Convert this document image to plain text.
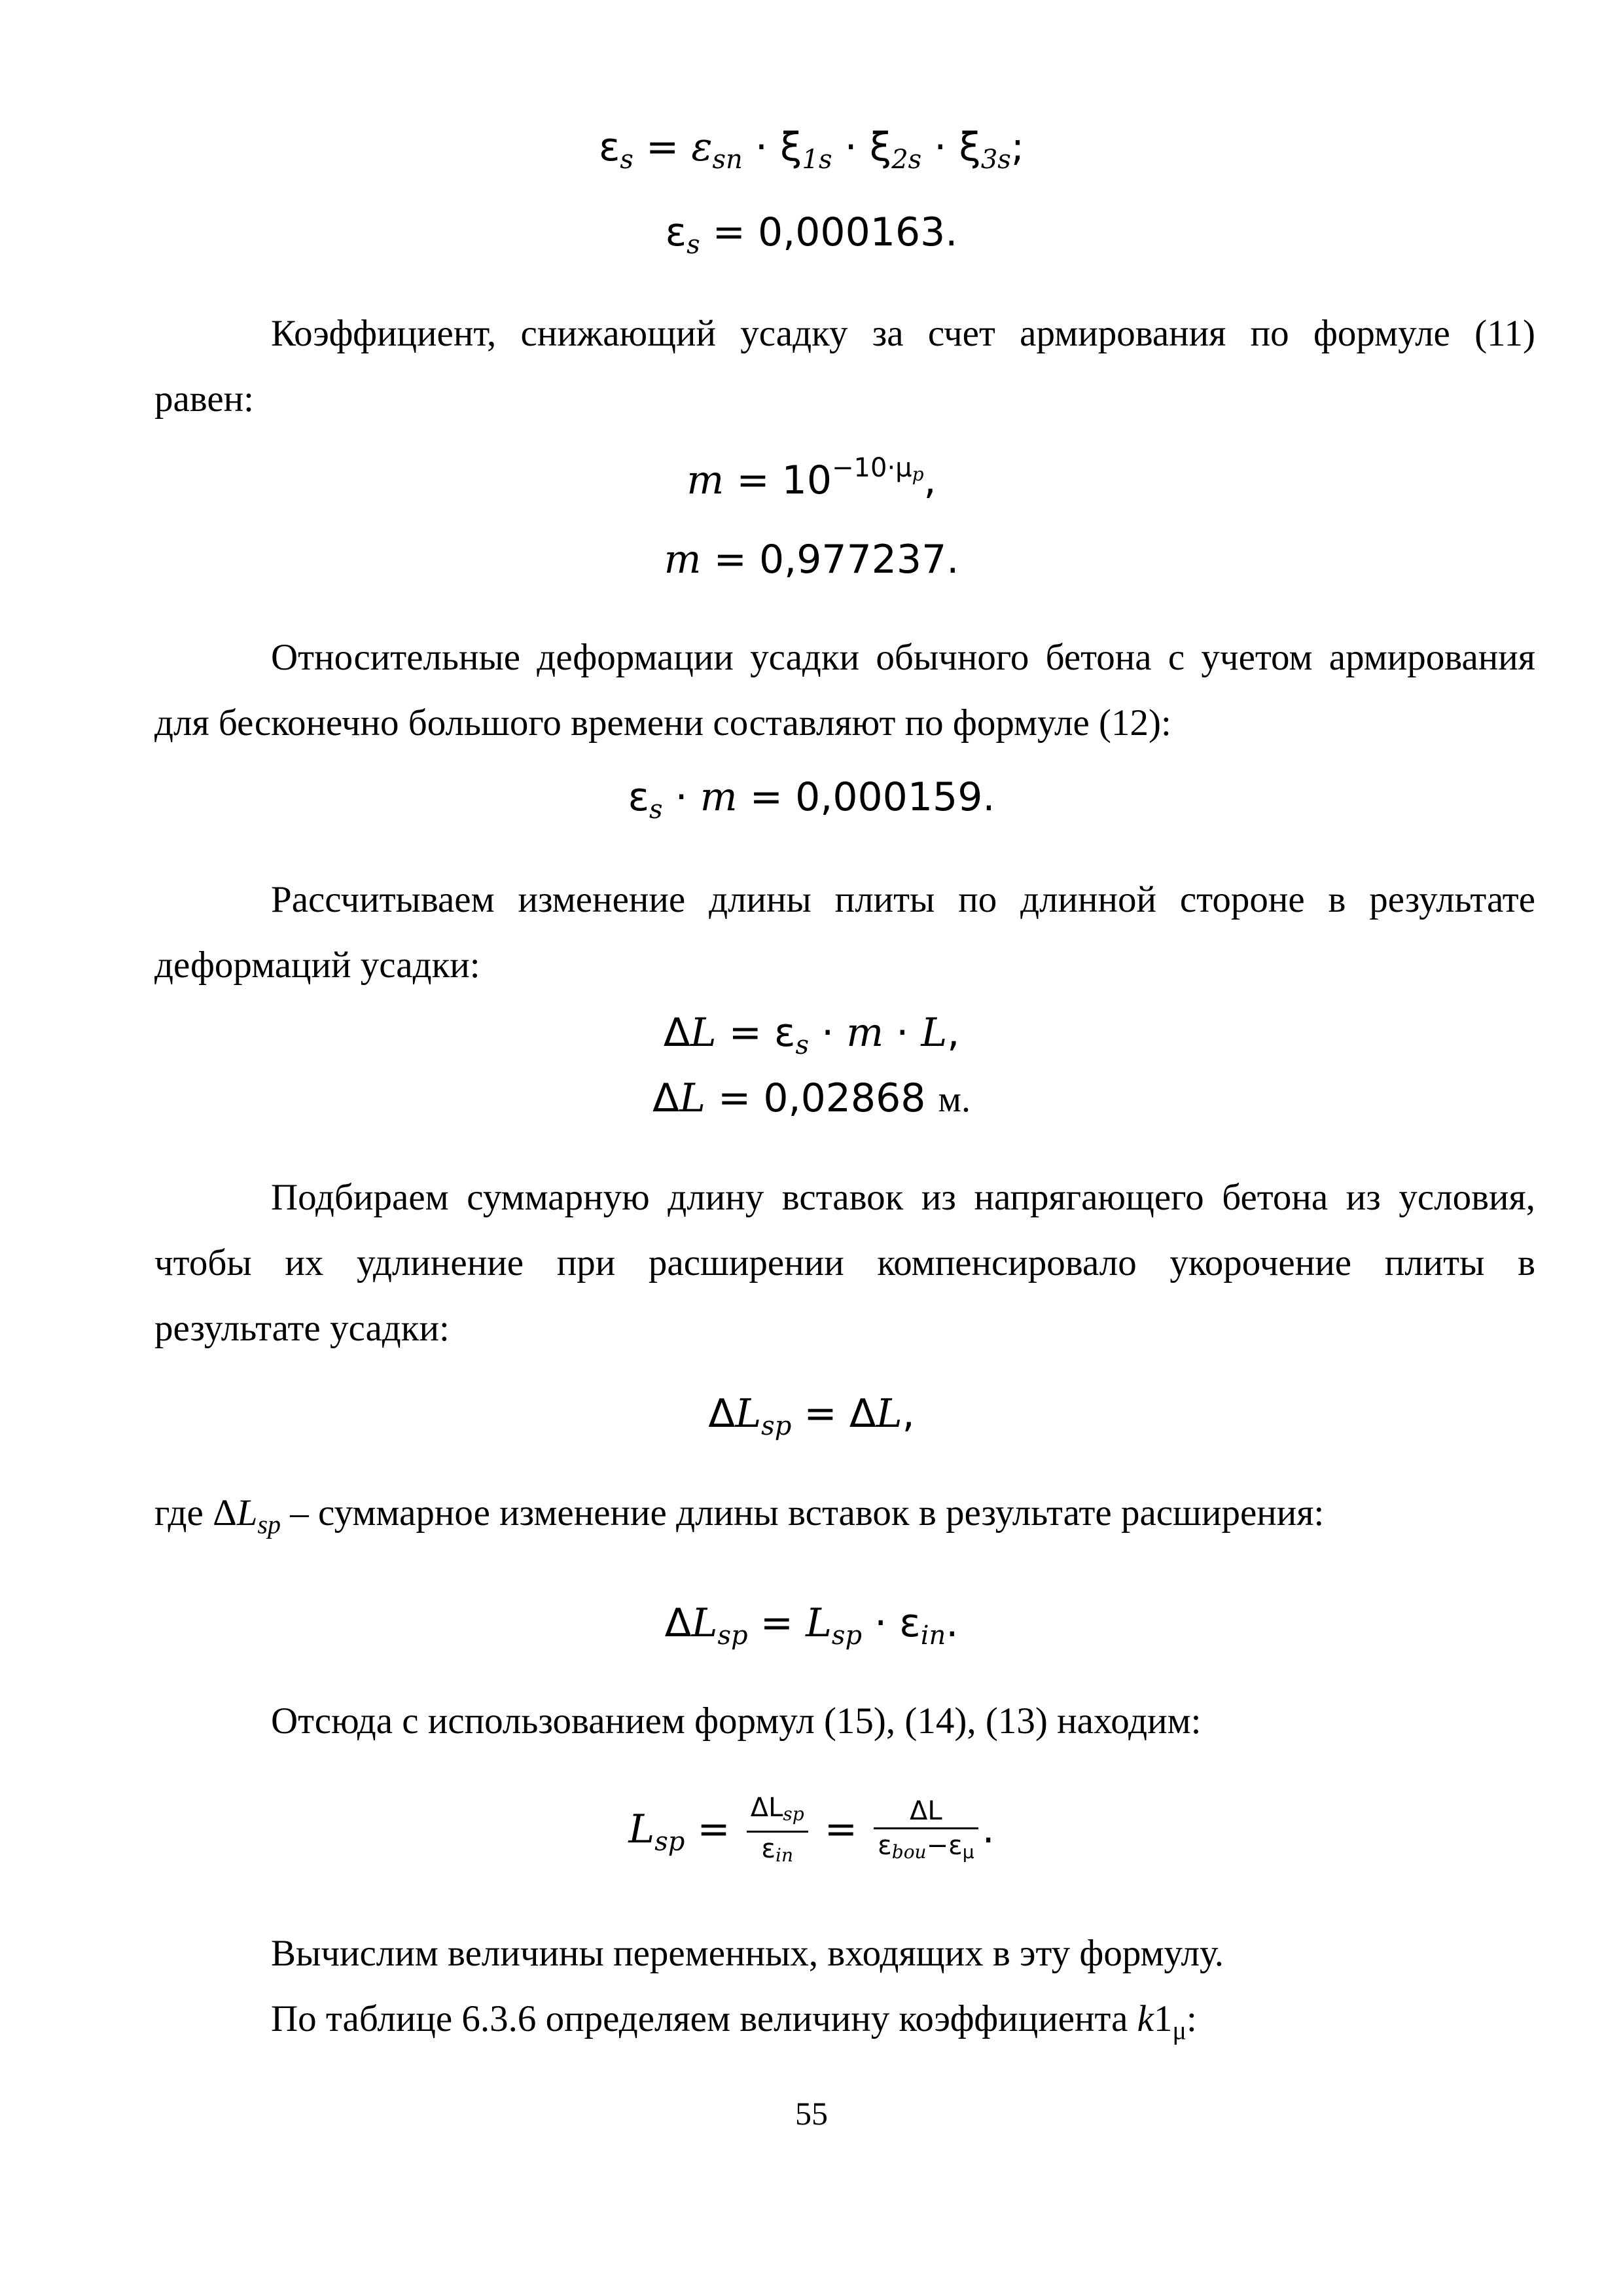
$\varepsilon_s = \varepsilon_{sn} \cdot \xi_{1s} \cdot \xi_{2s} \cdot \xi_{3s}$;
$\varepsilon_s = 0,000163$.
Коэффициент, снижающий усадку за счет армирования по формуле (11)
равен:
$m = 10^{-10\cdot\mu_p}$,
m = 0,977237.
Относительные деформации усадки обычного бетона с учетом армирования
для бесконечно большого времени составляют по формуле (12):
$\varepsilon_s \cdot m = 0,000159$.
Рассчитываем изменение длины плиты по длинной стороне в результате
деформаций усадки:
$\Delta L = \varepsilon_s \cdot m \cdot L$,
ΔL = 0,02868 м.
Подбираем суммарную длину вставок из напрягающего бетона из условия,
чтобы их удлинение при расширении компенсировало укорочение плиты в
результате усадки:
$\Delta L_{sp} = \Delta L$,
где $\Delta L_{sp}$ – суммарное изменение длины вставок в результате расширения:
$\Delta L_{sp} = L_{sp} \cdot \varepsilon_{in}$.
Отсюда с использованием формул (15), (14), (13) находим:
$L_{sp} = \frac{\Delta L_{sp}}{\varepsilon_{in}} = \frac{\Delta L}{\varepsilon_{bou}-\varepsilon_\mu}$ .
Вычислим величины переменных, входящих в эту формулу.
По таблице 6.3.6 определяем величину коэффициента $k1_\mu$:
55
